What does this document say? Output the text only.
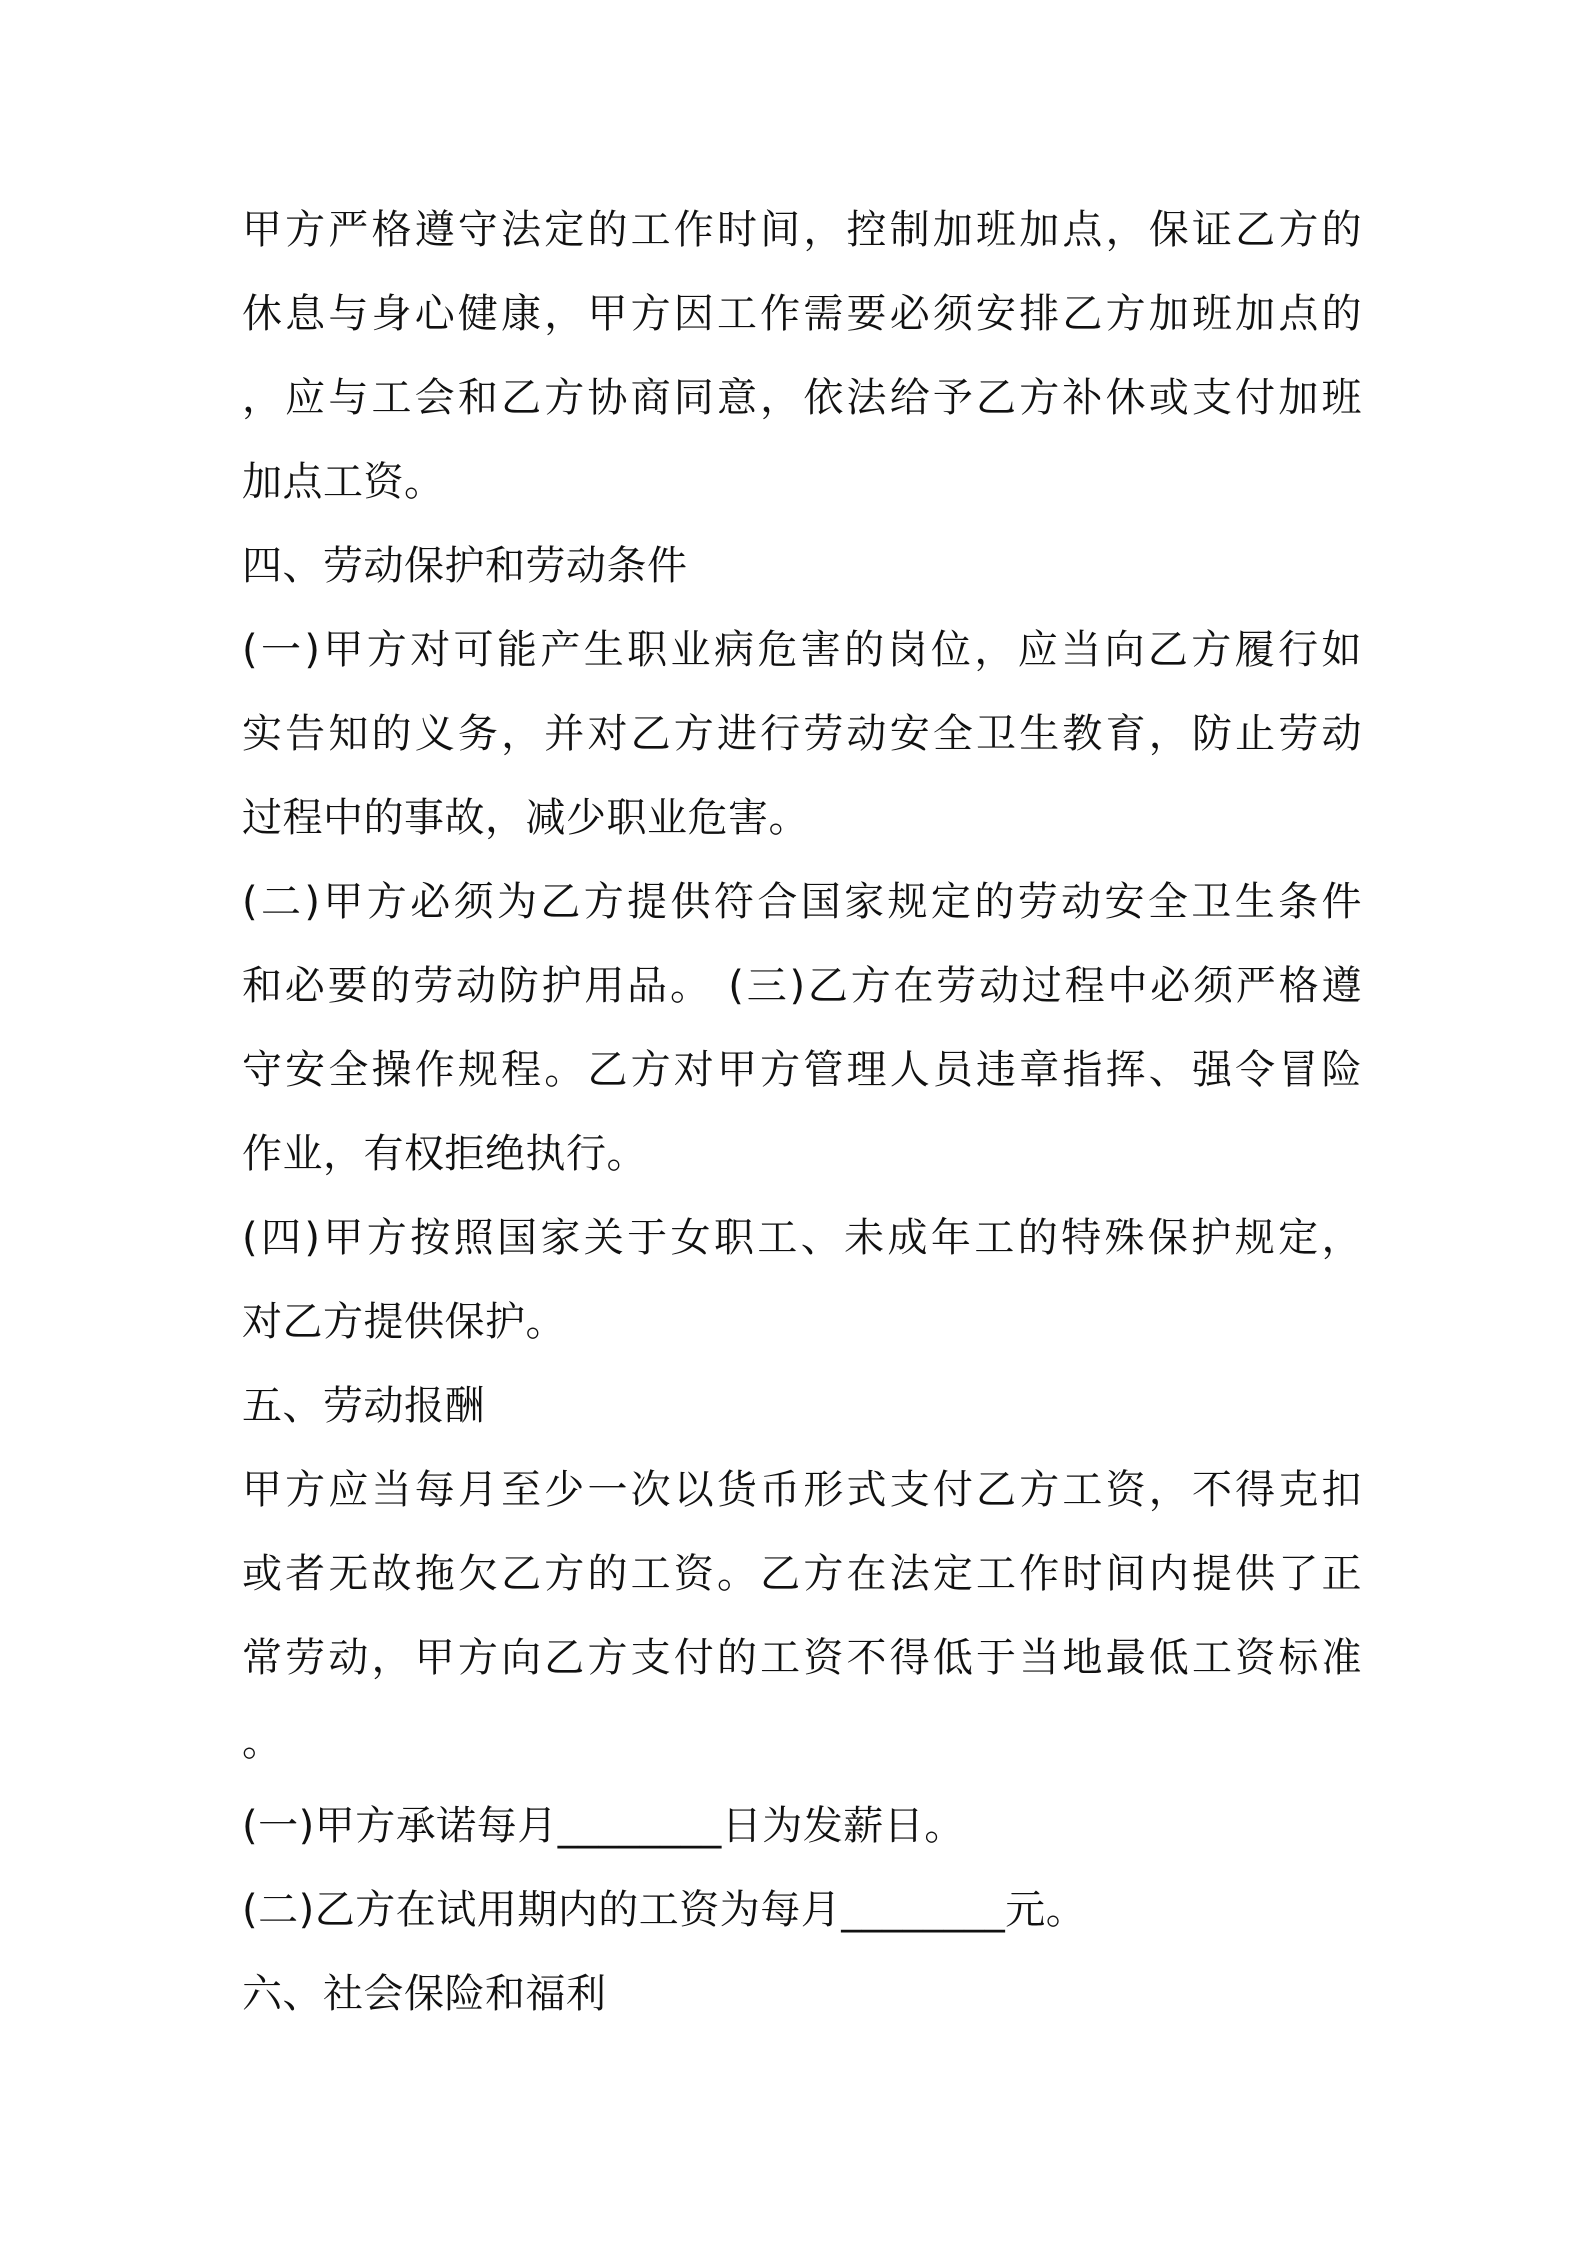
甲方严格遵守法定的工作时间，控制加班加点，保证乙方的
休息与身心健康，甲方因工作需要必须安排乙方加班加点的
，应与工会和乙方协商同意，依法给予乙方补休或支付加班
加点工资。
四、劳动保护和劳动条件
(一)甲方对可能产生职业病危害的岗位，应当向乙方履行如
实告知的义务，并对乙方进行劳动安全卫生教育，防止劳动
过程中的事故，减少职业危害。
(二)甲方必须为乙方提供符合国家规定的劳动安全卫生条件
和必要的劳动防护用品。 (三)乙方在劳动过程中必须严格遵
守安全操作规程。乙方对甲方管理人员违章指挥、强令冒险
作业，有权拒绝执行。
(四)甲方按照国家关于女职工、未成年工的特殊保护规定，
对乙方提供保护。
五、劳动报酬
甲方应当每月至少一次以货币形式支付乙方工资，不得克扣
或者无故拖欠乙方的工资。乙方在法定工作时间内提供了正
常劳动，甲方向乙方支付的工资不得低于当地最低工资标准
。
(一)甲方承诺每月________日为发薪日。
(二)乙方在试用期内的工资为每月________元。
六、社会保险和福利
